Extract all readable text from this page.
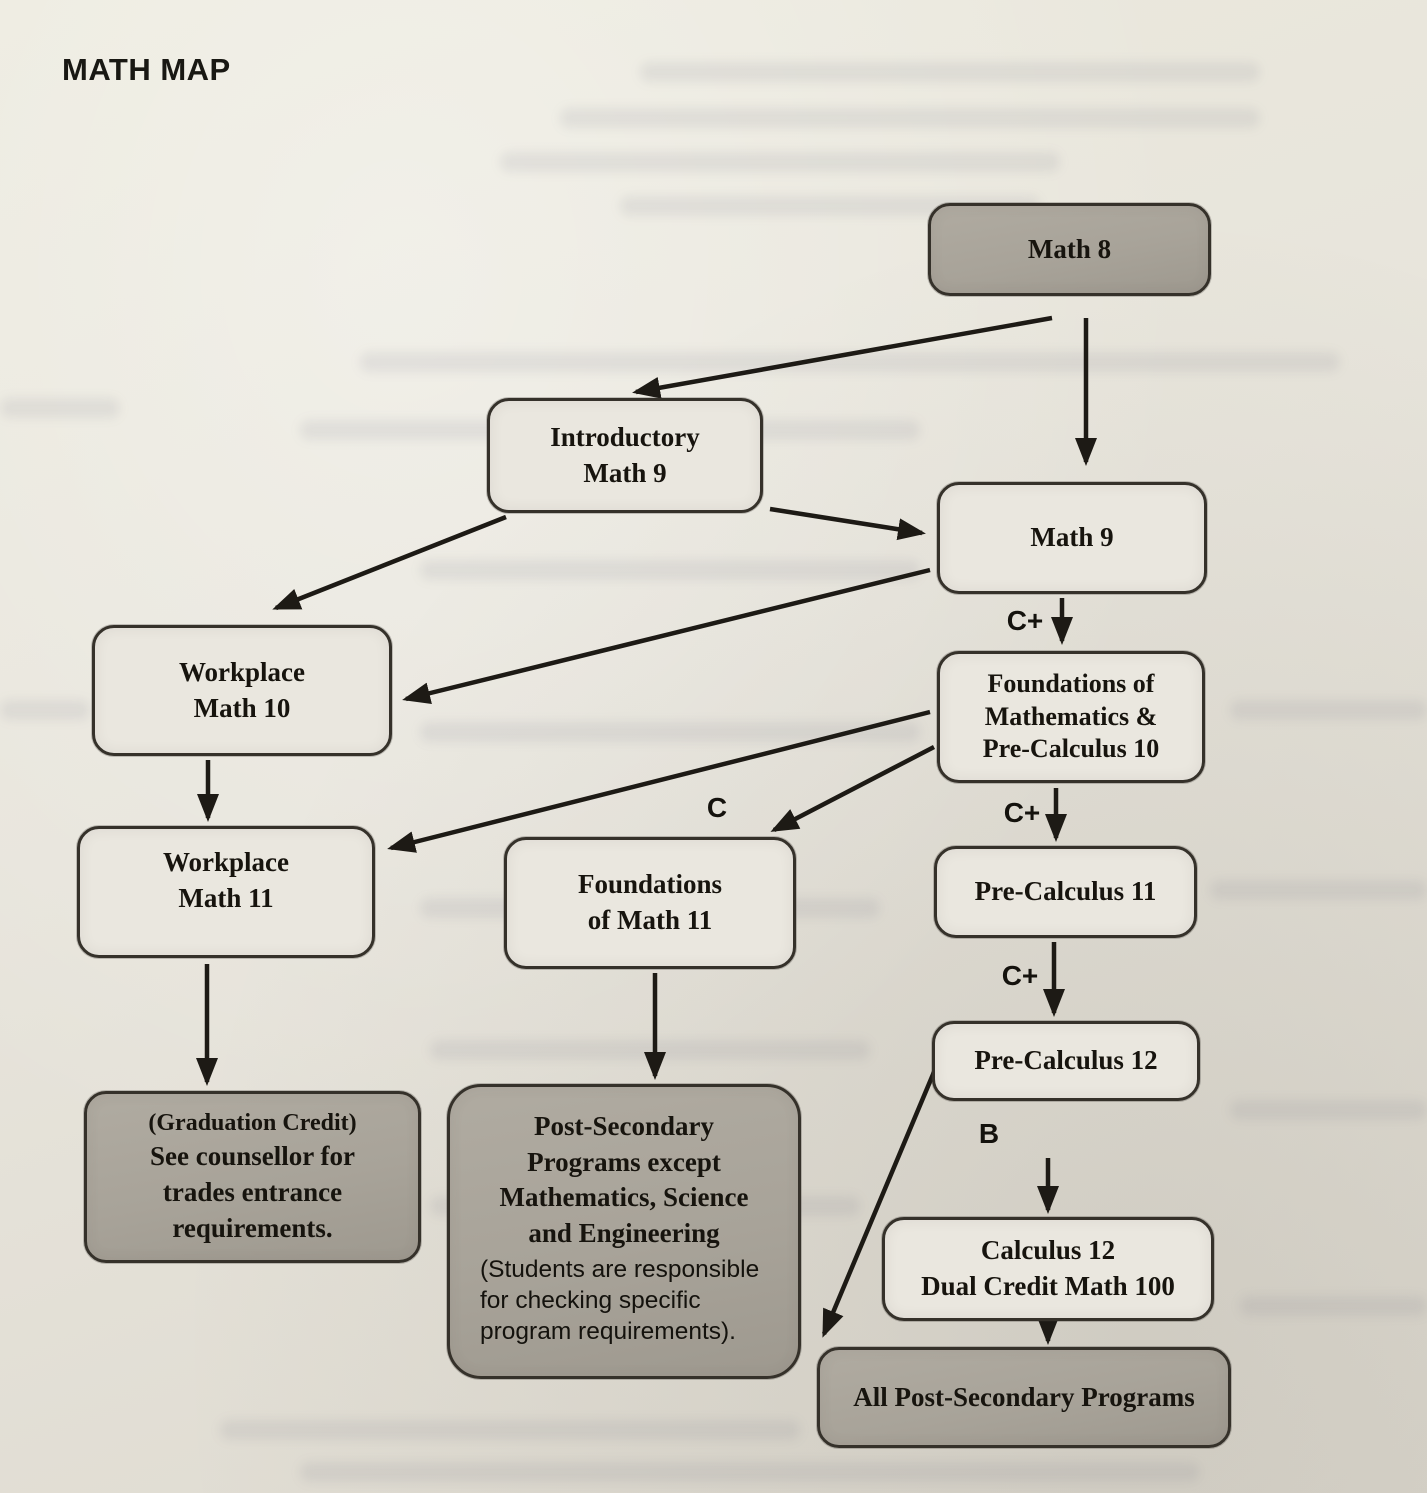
MATH MAP
Math 8
Introductory
Math 9
Math 9
Workplace
Math 10
Foundations of
Mathematics &
Pre-Calculus 10
Workplace
Math 11	Foundations
of Math 11
Pre-Calculus 11
Pre-Calculus 12
(Graduation Credit)
See counsellor for
trades entrance
requirements.
Post-Secondary
Programs except
Mathematics, Science
and Engineering
(Students are responsible
for checking specific
program requirements).
Calculus 12
Dual Credit Math 100
All Post-Secondary Programs
C+
C	C+
C+
B
